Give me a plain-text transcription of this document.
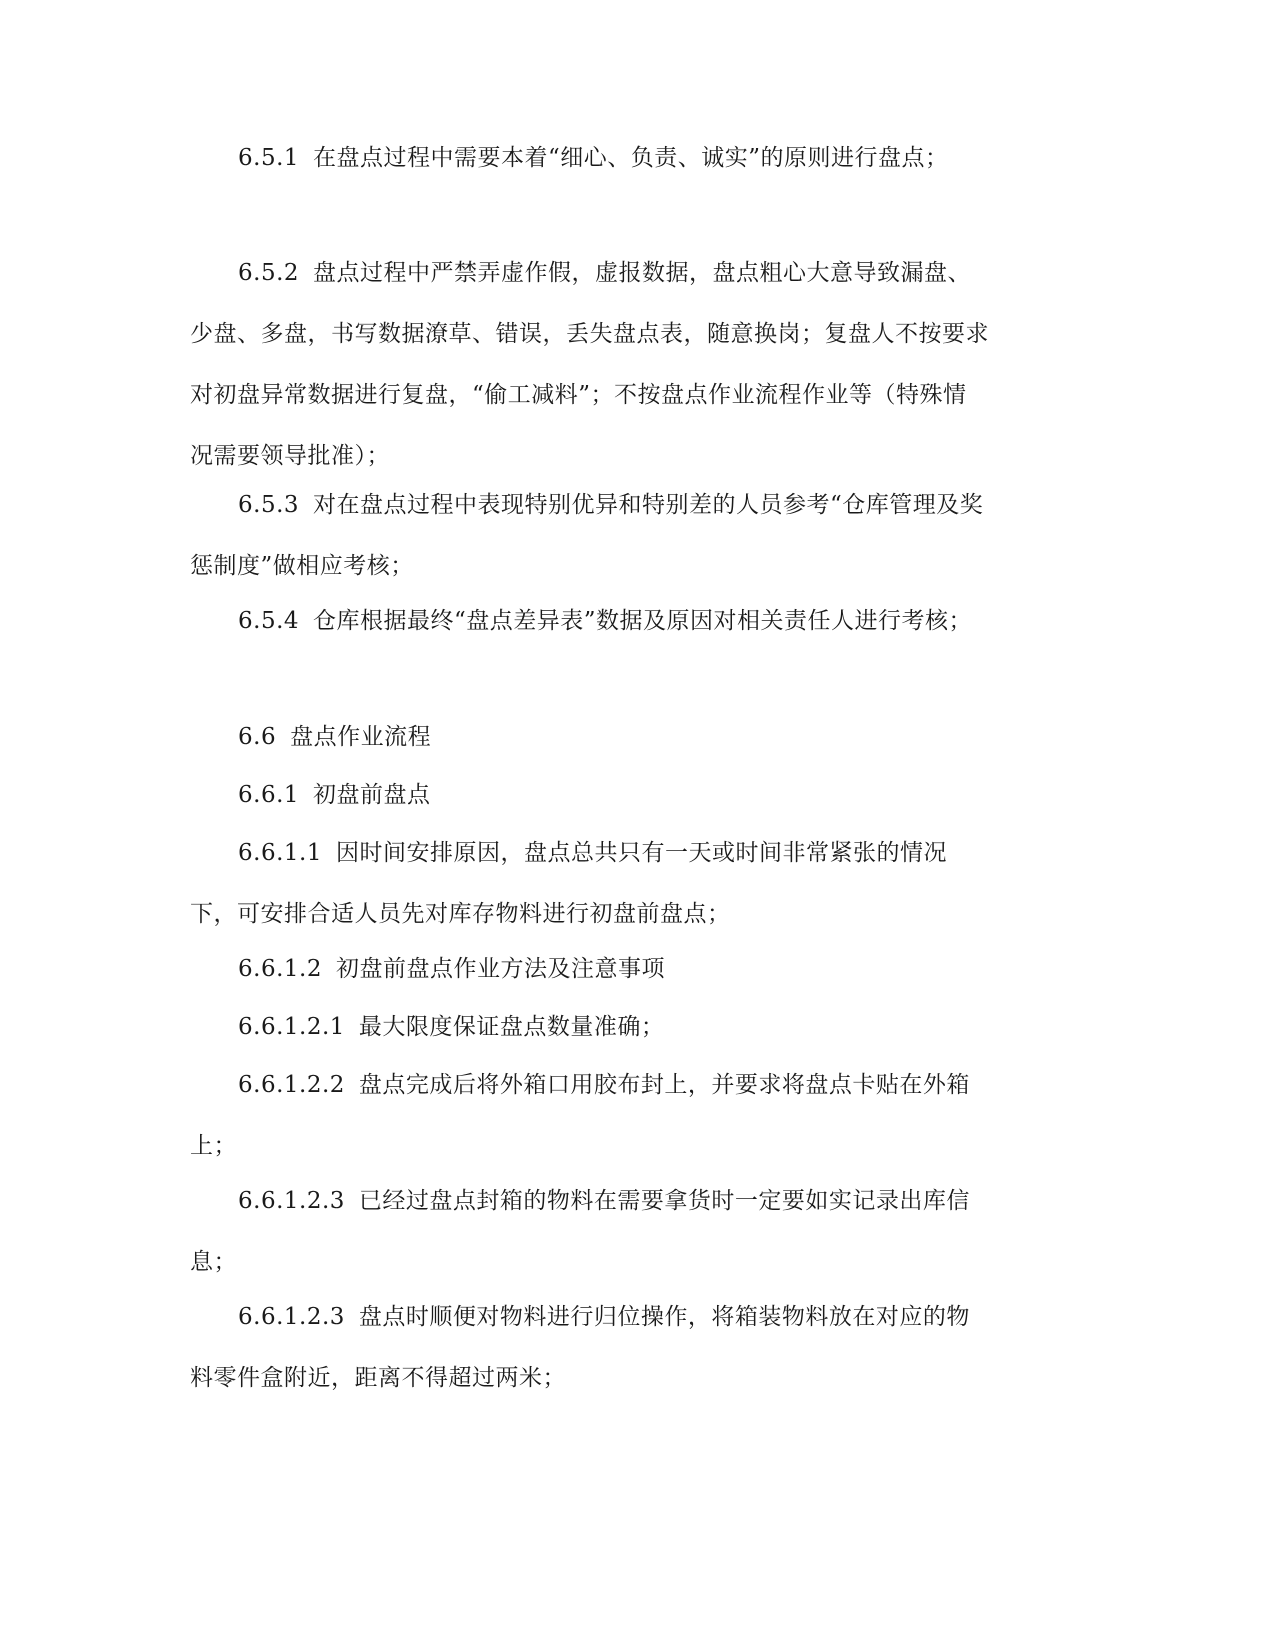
6.5.1 在盘点过程中需要本着“细心、负责、诚实”的原则进行盘点；

6.5.2 盘点过程中严禁弄虚作假，虚报数据，盘点粗心大意导致漏盘、少盘、多盘，书写数据潦草、错误，丢失盘点表，随意换岗；复盘人不按要求对初盘异常数据进行复盘，“偷工减料”；不按盘点作业流程作业等（特殊情况需要领导批准）；

6.5.3 对在盘点过程中表现特别优异和特别差的人员参考“仓库管理及奖惩制度”做相应考核；

6.5.4 仓库根据最终“盘点差异表”数据及原因对相关责任人进行考核；

6.6 盘点作业流程

6.6.1 初盘前盘点

6.6.1.1 因时间安排原因，盘点总共只有一天或时间非常紧张的情况下，可安排合适人员先对库存物料进行初盘前盘点；

6.6.1.2 初盘前盘点作业方法及注意事项

6.6.1.2.1 最大限度保证盘点数量准确；

6.6.1.2.2 盘点完成后将外箱口用胶布封上，并要求将盘点卡贴在外箱上；

6.6.1.2.3 已经过盘点封箱的物料在需要拿货时一定要如实记录出库信息；

6.6.1.2.3 盘点时顺便对物料进行归位操作，将箱装物料放在对应的物料零件盒附近，距离不得超过两米；
